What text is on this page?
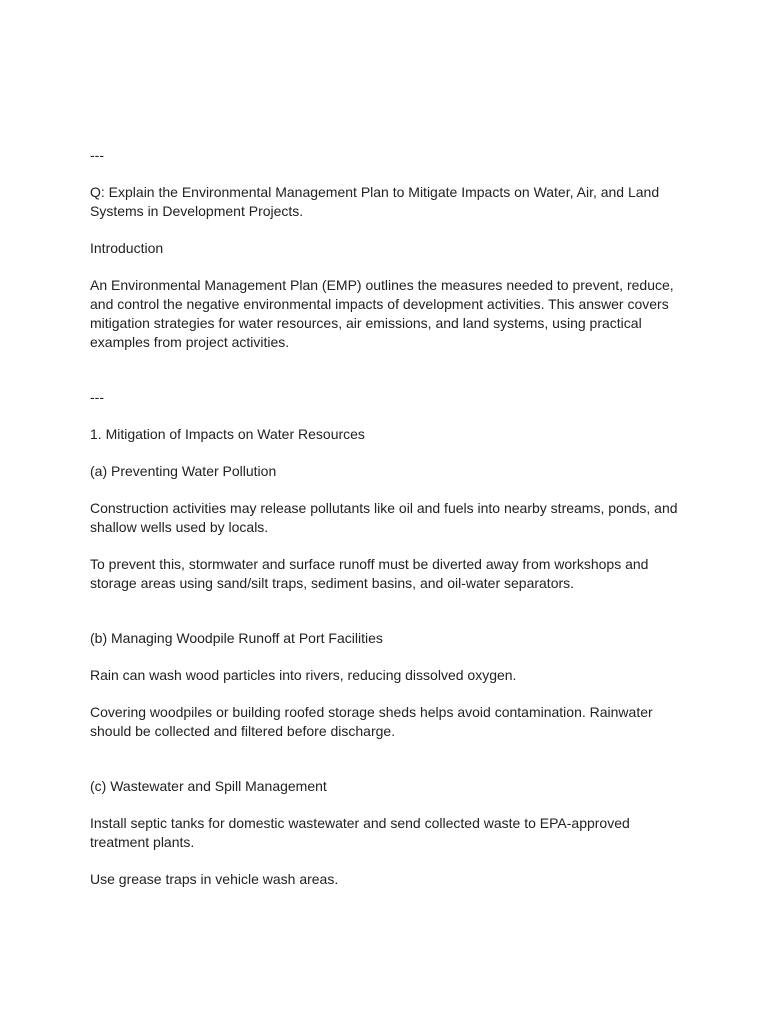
---

Q: Explain the Environmental Management Plan to Mitigate Impacts on Water, Air, and Land Systems in Development Projects.

Introduction

An Environmental Management Plan (EMP) outlines the measures needed to prevent, reduce, and control the negative environmental impacts of development activities. This answer covers mitigation strategies for water resources, air emissions, and land systems, using practical examples from project activities.

---

1. Mitigation of Impacts on Water Resources

(a) Preventing Water Pollution

Construction activities may release pollutants like oil and fuels into nearby streams, ponds, and shallow wells used by locals.

To prevent this, stormwater and surface runoff must be diverted away from workshops and storage areas using sand/silt traps, sediment basins, and oil-water separators.

(b) Managing Woodpile Runoff at Port Facilities

Rain can wash wood particles into rivers, reducing dissolved oxygen.

Covering woodpiles or building roofed storage sheds helps avoid contamination. Rainwater should be collected and filtered before discharge.

(c) Wastewater and Spill Management

Install septic tanks for domestic wastewater and send collected waste to EPA-approved treatment plants.

Use grease traps in vehicle wash areas.
